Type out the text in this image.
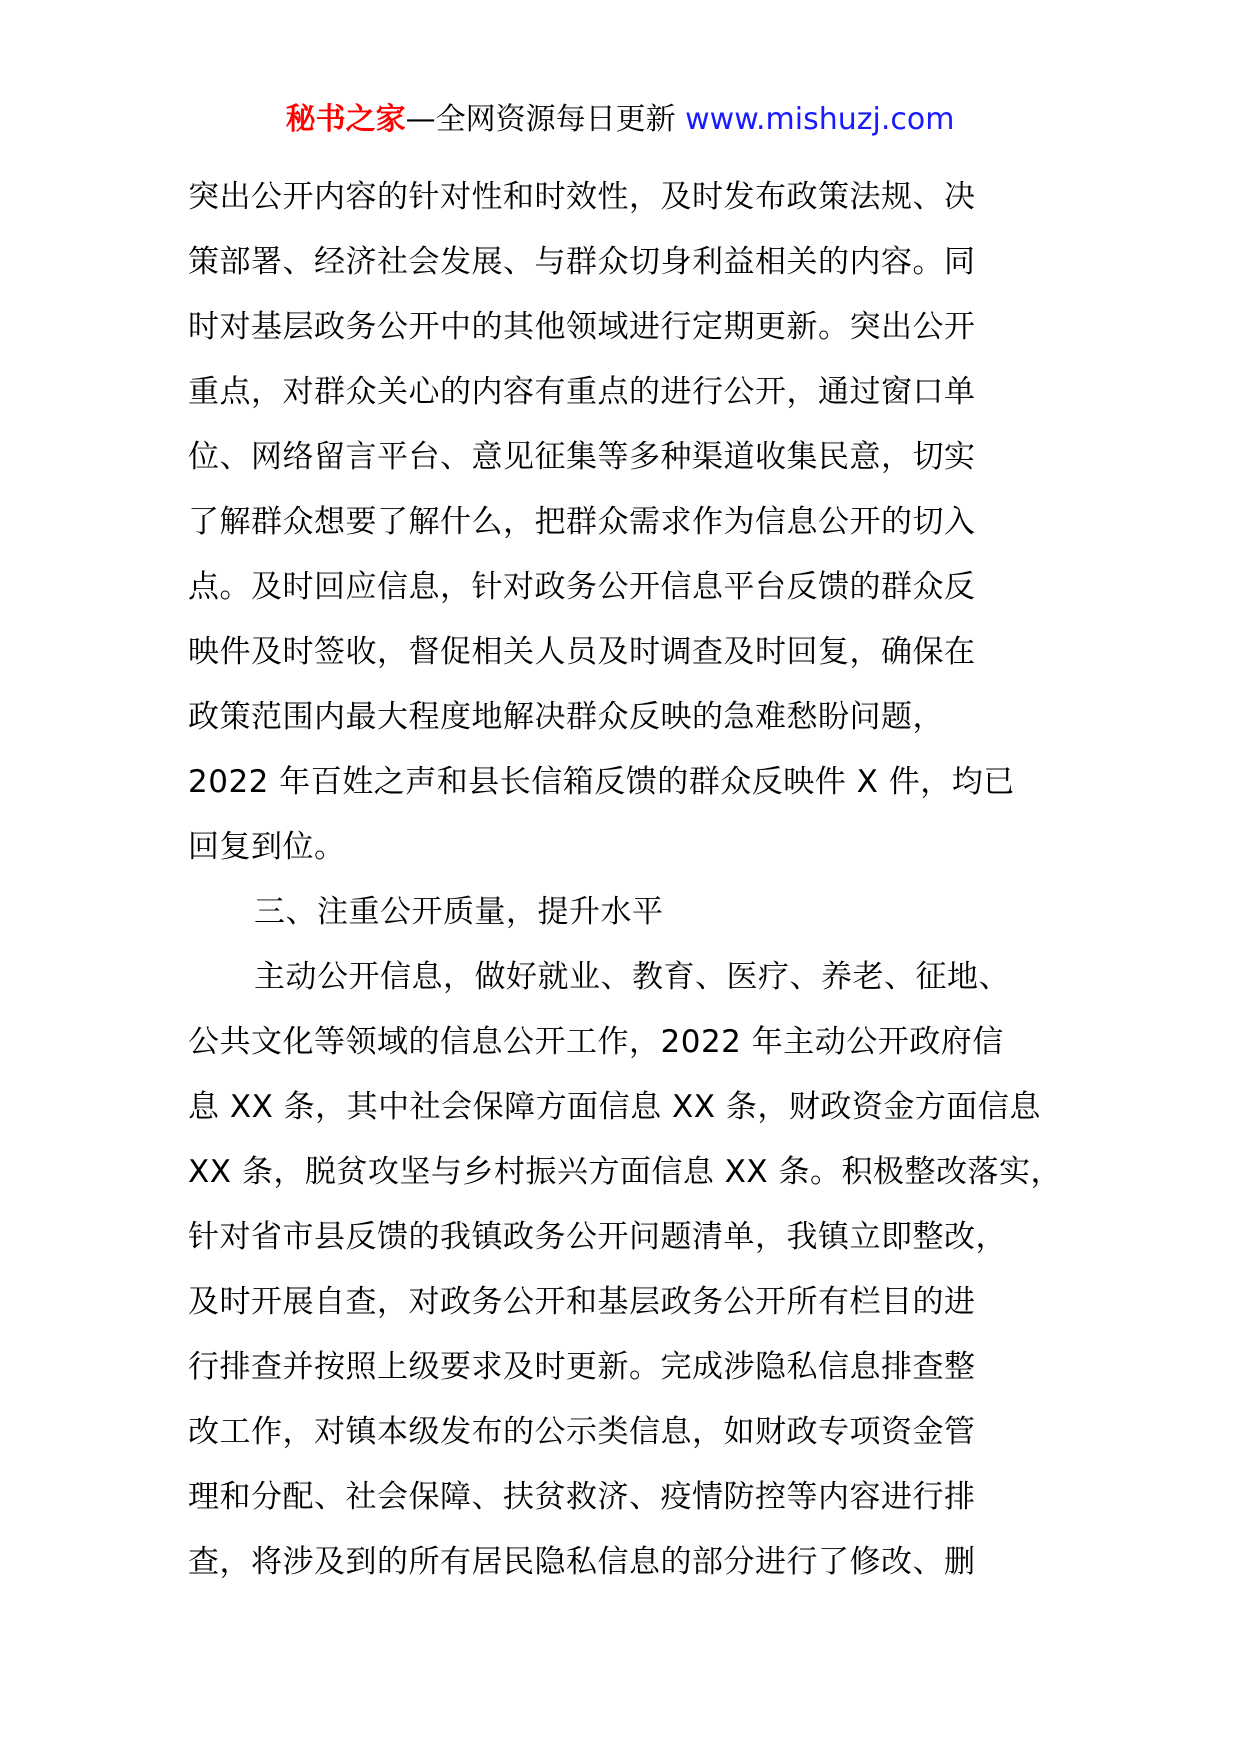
秘书之家—全网资源每日更新 www.mishuzj.com
突出公开内容的针对性和时效性，及时发布政策法规、决
策部署、经济社会发展、与群众切身利益相关的内容。同
时对基层政务公开中的其他领域进行定期更新。突出公开
重点，对群众关心的内容有重点的进行公开，通过窗口单
位、网络留言平台、意见征集等多种渠道收集民意，切实
了解群众想要了解什么，把群众需求作为信息公开的切入
点。及时回应信息，针对政务公开信息平台反馈的群众反
映件及时签收，督促相关人员及时调查及时回复，确保在
政策范围内最大程度地解决群众反映的急难愁盼问题，
2022 年百姓之声和县长信箱反馈的群众反映件 X 件，均已
回复到位。
三、注重公开质量，提升水平
主动公开信息，做好就业、教育、医疗、养老、征地、
公共文化等领域的信息公开工作，2022 年主动公开政府信
息 XX 条，其中社会保障方面信息 XX 条，财政资金方面信息
XX 条，脱贫攻坚与乡村振兴方面信息 XX 条。积极整改落实，
针对省市县反馈的我镇政务公开问题清单，我镇立即整改，
及时开展自查，对政务公开和基层政务公开所有栏目的进
行排查并按照上级要求及时更新。完成涉隐私信息排查整
改工作，对镇本级发布的公示类信息，如财政专项资金管
理和分配、社会保障、扶贫救济、疫情防控等内容进行排
查，将涉及到的所有居民隐私信息的部分进行了修改、删
